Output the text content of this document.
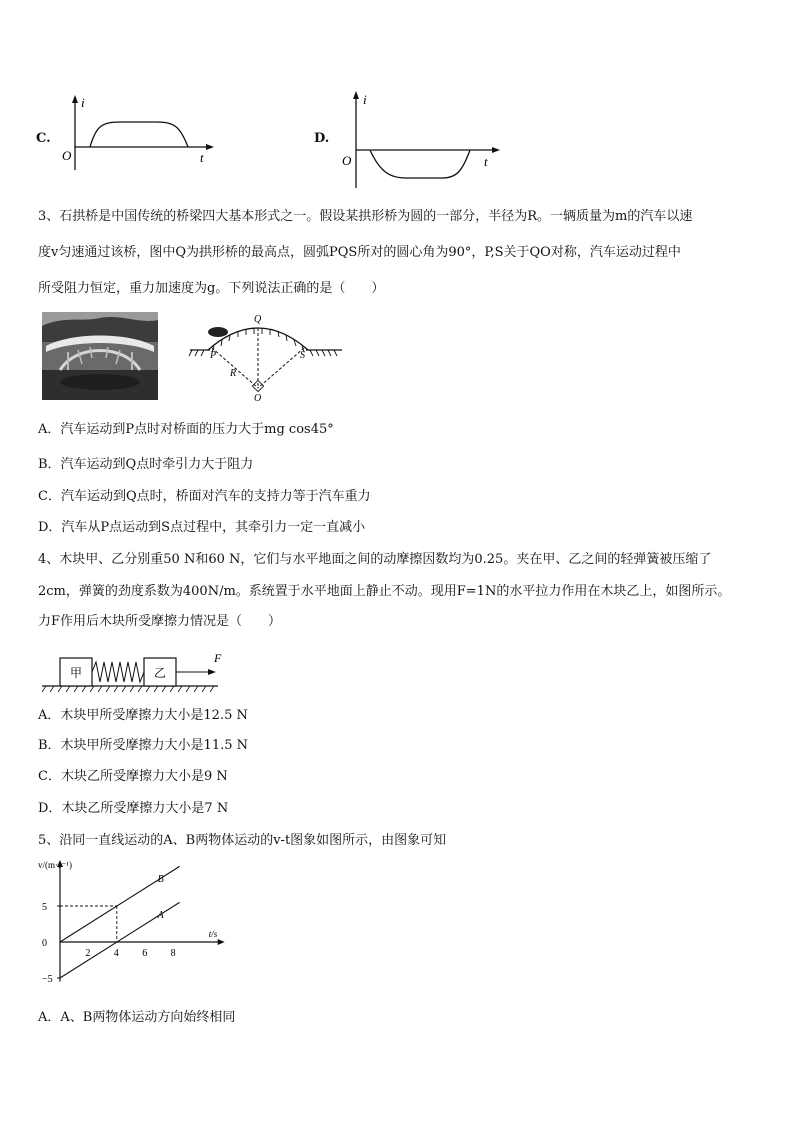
C.
i
O	t
D.
i
O	t
3、石拱桥是中国传统的桥梁四大基本形式之一。假设某拱形桥为圆的一部分，半径为R。一辆质量为m的汽车以速
度v匀速通过该桥，图中Q为拱形桥的最高点，圆弧PQS所对的圆心角为90°，P,S关于QO对称，汽车运动过程中
所受阻力恒定，重力加速度为g。下列说法正确的是（　　）
Q
P	S
R
O
A．汽车运动到P点时对桥面的压力大于mg cos45°
B．汽车运动到Q点时牵引力大于阻力
C．汽车运动到Q点时，桥面对汽车的支持力等于汽车重力
D．汽车从P点运动到S点过程中，其牵引力一定一直减小
4、木块甲、乙分别重50 N和60 N，它们与水平地面之间的动摩擦因数均为0.25。夹在甲、乙之间的轻弹簧被压缩了
2cm，弹簧的劲度系数为400N/m。系统置于水平地面上静止不动。现用F=1N的水平拉力作用在木块乙上，如图所示。
力F作用后木块所受摩擦力情况是（　　）
甲	乙
F
A．木块甲所受摩擦力大小是12.5 N
B．木块甲所受摩擦力大小是11.5 N
C．木块乙所受摩擦力大小是9 N
D．木块乙所受摩擦力大小是7 N
5、沿同一直线运动的A、B两物体运动的v-t图象如图所示，由图象可知
v/(m·s⁻¹)
t/s
2 4 6 8
5
0
−5
B
A
A．A、B两物体运动方向始终相同
